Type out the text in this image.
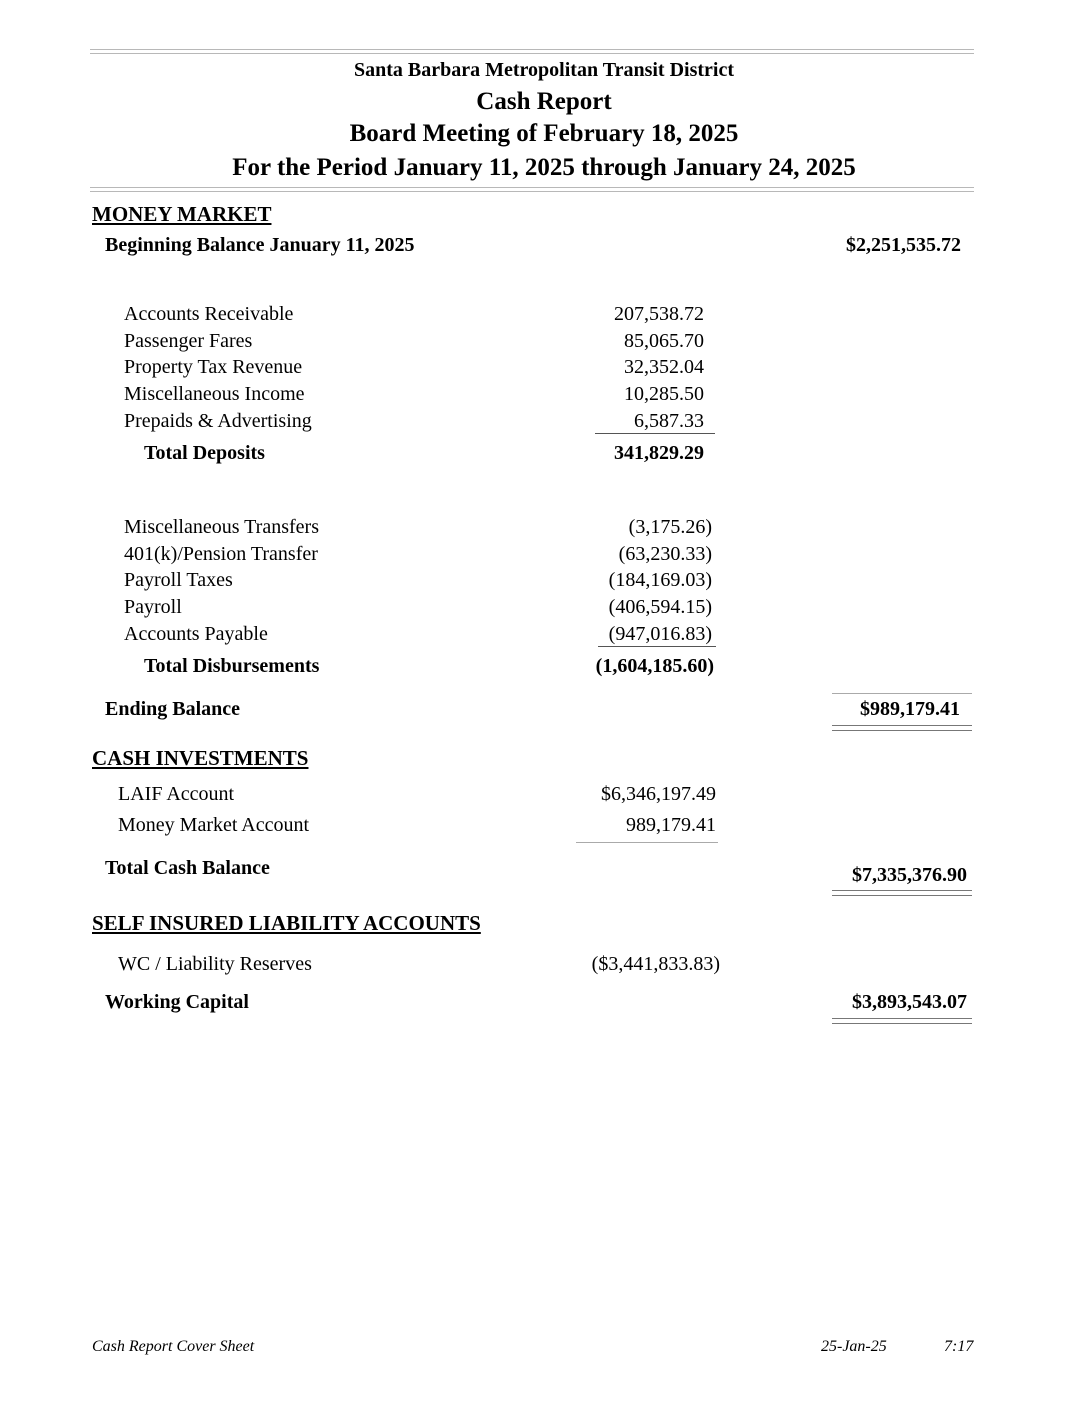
Santa Barbara Metropolitan Transit District
Cash Report
Board Meeting of February 18, 2025
For the Period January 11, 2025 through January 24, 2025
MONEY MARKET
Beginning Balance January 11, 2025	$2,251,535.72
Accounts Receivable	207,538.72
Passenger Fares	85,065.70
Property Tax Revenue	32,352.04
Miscellaneous Income	10,285.50
Prepaids & Advertising	6,587.33
Total Deposits	341,829.29
Miscellaneous Transfers	(3,175.26)
401(k)/Pension Transfer	(63,230.33)
Payroll Taxes	(184,169.03)
Payroll	(406,594.15)
Accounts Payable	(947,016.83)
Total Disbursements	(1,604,185.60)
Ending Balance	$989,179.41
CASH INVESTMENTS
LAIF Account	$6,346,197.49
Money Market Account	989,179.41
Total Cash Balance	$7,335,376.90
SELF INSURED LIABILITY ACCOUNTS
WC / Liability Reserves	($3,441,833.83)
Working Capital	$3,893,543.07
Cash Report Cover Sheet	25-Jan-25	7:17
